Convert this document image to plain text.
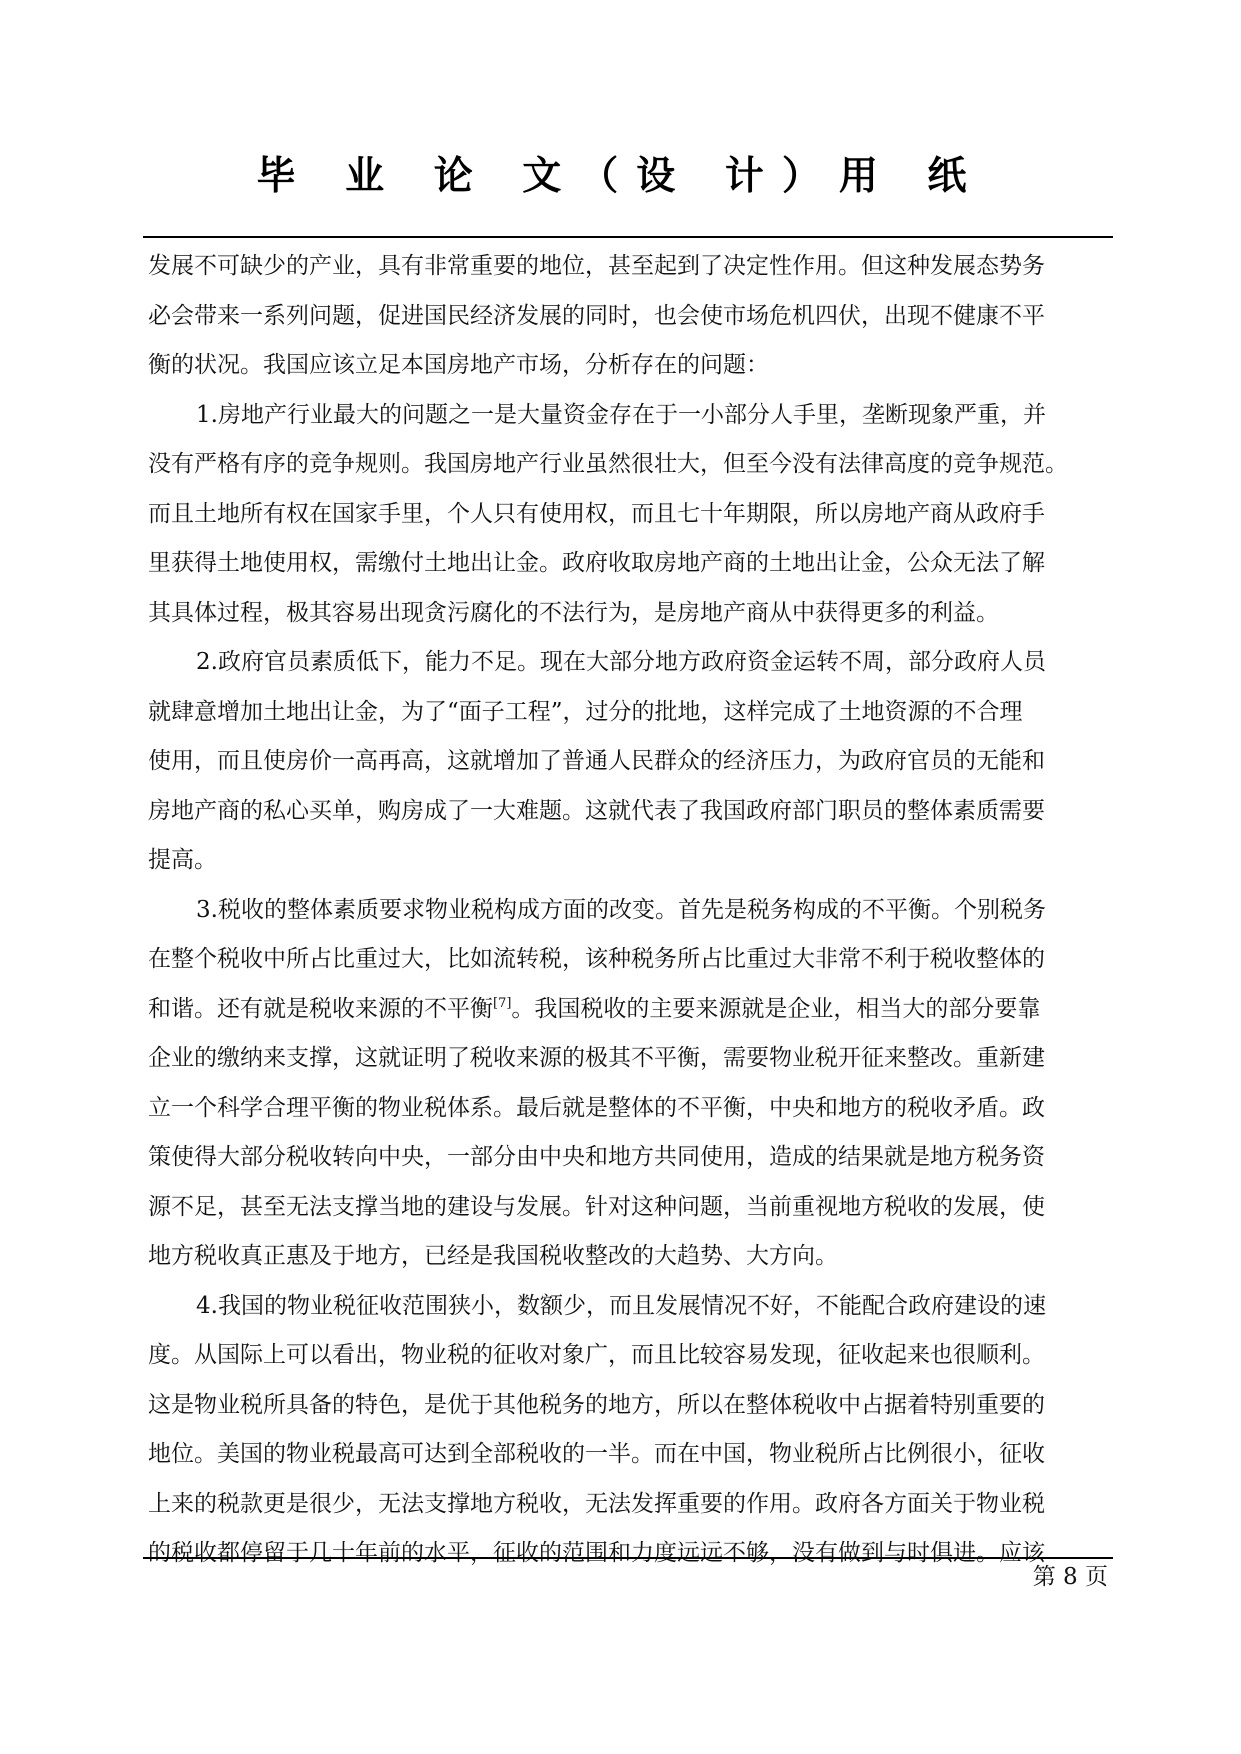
毕 业 论 文（设 计）用 纸
发展不可缺少的产业，具有非常重要的地位，甚至起到了决定性作用。但这种发展态势务
必会带来一系列问题，促进国民经济发展的同时，也会使市场危机四伏，出现不健康不平
衡的状况。我国应该立足本国房地产市场，分析存在的问题：
1.房地产行业最大的问题之一是大量资金存在于一小部分人手里，垄断现象严重，并
没有严格有序的竞争规则。我国房地产行业虽然很壮大，但至今没有法律高度的竞争规范。
而且土地所有权在国家手里，个人只有使用权，而且七十年期限，所以房地产商从政府手
里获得土地使用权，需缴付土地出让金。政府收取房地产商的土地出让金，公众无法了解
其具体过程，极其容易出现贪污腐化的不法行为，是房地产商从中获得更多的利益。
2.政府官员素质低下，能力不足。现在大部分地方政府资金运转不周，部分政府人员
就肆意增加土地出让金，为了“面子工程”，过分的批地，这样完成了土地资源的不合理
使用，而且使房价一高再高，这就增加了普通人民群众的经济压力，为政府官员的无能和
房地产商的私心买单，购房成了一大难题。这就代表了我国政府部门职员的整体素质需要
提高。
3.税收的整体素质要求物业税构成方面的改变。首先是税务构成的不平衡。个别税务
在整个税收中所占比重过大，比如流转税，该种税务所占比重过大非常不利于税收整体的
和谐。还有就是税收来源的不平衡[7]。我国税收的主要来源就是企业，相当大的部分要靠
企业的缴纳来支撑，这就证明了税收来源的极其不平衡，需要物业税开征来整改。重新建
立一个科学合理平衡的物业税体系。最后就是整体的不平衡，中央和地方的税收矛盾。政
策使得大部分税收转向中央，一部分由中央和地方共同使用，造成的结果就是地方税务资
源不足，甚至无法支撑当地的建设与发展。针对这种问题，当前重视地方税收的发展，使
地方税收真正惠及于地方，已经是我国税收整改的大趋势、大方向。
4.我国的物业税征收范围狭小，数额少，而且发展情况不好，不能配合政府建设的速
度。从国际上可以看出，物业税的征收对象广，而且比较容易发现，征收起来也很顺利。
这是物业税所具备的特色，是优于其他税务的地方，所以在整体税收中占据着特别重要的
地位。美国的物业税最高可达到全部税收的一半。而在中国，物业税所占比例很小，征收
上来的税款更是很少，无法支撑地方税收，无法发挥重要的作用。政府各方面关于物业税
的税收都停留于几十年前的水平，征收的范围和力度远远不够，没有做到与时俱进。应该
第 8 页
